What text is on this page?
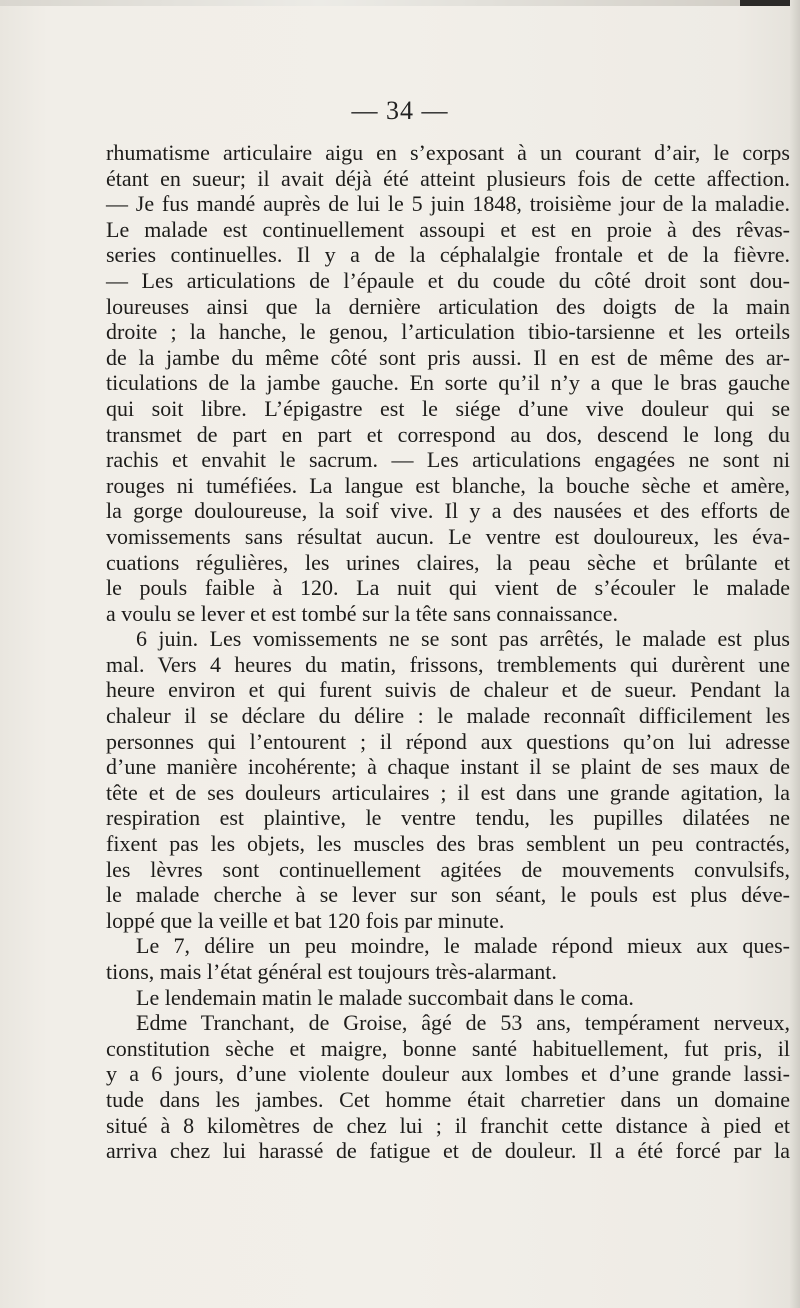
— 34 —
rhumatisme articulaire aigu en s’exposant à un courant d’air, le corps
étant en sueur; il avait déjà été atteint plusieurs fois de cette affection.
— Je fus mandé auprès de lui le 5 juin 1848, troisième jour de la maladie.
Le malade est continuellement assoupi et est en proie à des rêvas-
series continuelles. Il y a de la céphalalgie frontale et de la fièvre.
— Les articulations de l’épaule et du coude du côté droit sont dou-
loureuses ainsi que la dernière articulation des doigts de la main
droite ; la hanche, le genou, l’articulation tibio-tarsienne et les orteils
de la jambe du même côté sont pris aussi. Il en est de même des ar-
ticulations de la jambe gauche. En sorte qu’il n’y a que le bras gauche
qui soit libre. L’épigastre est le siége d’une vive douleur qui se
transmet de part en part et correspond au dos, descend le long du
rachis et envahit le sacrum. — Les articulations engagées ne sont ni
rouges ni tuméfiées. La langue est blanche, la bouche sèche et amère,
la gorge douloureuse, la soif vive. Il y a des nausées et des efforts de
vomissements sans résultat aucun. Le ventre est douloureux, les éva-
cuations régulières, les urines claires, la peau sèche et brûlante et
le pouls faible à 120. La nuit qui vient de s’écouler le malade
a voulu se lever et est tombé sur la tête sans connaissance.
6 juin. Les vomissements ne se sont pas arrêtés, le malade est plus
mal. Vers 4 heures du matin, frissons, tremblements qui durèrent une
heure environ et qui furent suivis de chaleur et de sueur. Pendant la
chaleur il se déclare du délire : le malade reconnaît difficilement les
personnes qui l’entourent ; il répond aux questions qu’on lui adresse
d’une manière incohérente; à chaque instant il se plaint de ses maux de
tête et de ses douleurs articulaires ; il est dans une grande agitation, la
respiration est plaintive, le ventre tendu, les pupilles dilatées ne
fixent pas les objets, les muscles des bras semblent un peu contractés,
les lèvres sont continuellement agitées de mouvements convulsifs,
le malade cherche à se lever sur son séant, le pouls est plus déve-
loppé que la veille et bat 120 fois par minute.
Le 7, délire un peu moindre, le malade répond mieux aux ques-
tions, mais l’état général est toujours très-alarmant.
Le lendemain matin le malade succombait dans le coma.
Edme Tranchant, de Groise, âgé de 53 ans, tempérament nerveux,
constitution sèche et maigre, bonne santé habituellement, fut pris, il
y a 6 jours, d’une violente douleur aux lombes et d’une grande lassi-
tude dans les jambes. Cet homme était charretier dans un domaine
situé à 8 kilomètres de chez lui ; il franchit cette distance à pied et
arriva chez lui harassé de fatigue et de douleur. Il a été forcé par la
